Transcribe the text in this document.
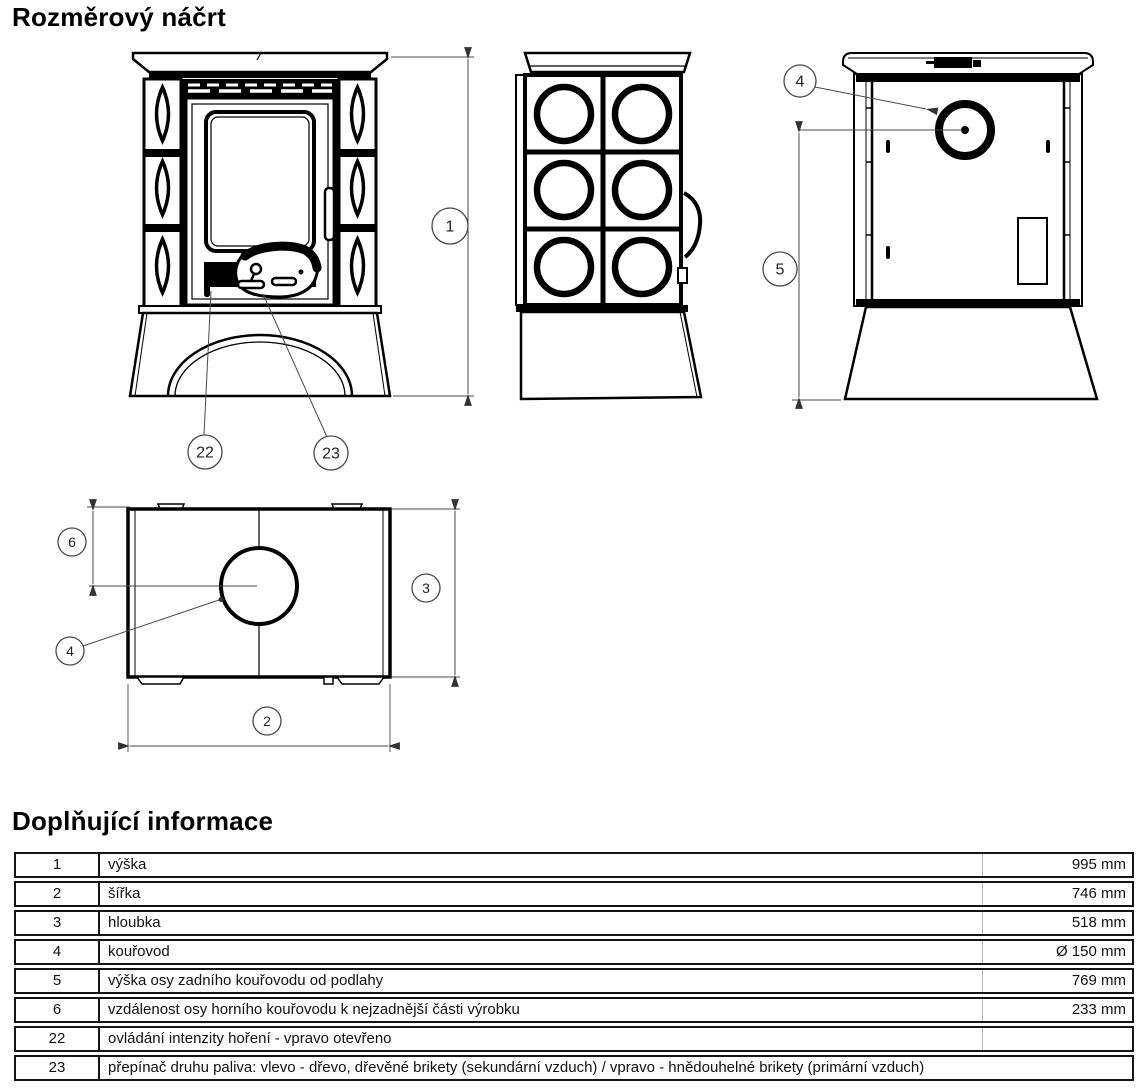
Rozměrový náčrt
1
22	23
4
5
6
4
3
2
Doplňující informace
1	výška	995 mm
2	šířka	746 mm
3	hloubka	518 mm
4	kouřovod	Ø 150 mm
5	výška osy zadního kouřovodu od podlahy	769 mm
6	vzdálenost osy horního kouřovodu k nejzadnější části výrobku	233 mm
22	ovládání intenzity hoření - vpravo otevřeno
23	přepínač druhu paliva: vlevo - dřevo, dřevěné brikety (sekundární vzduch) / vpravo - hnědouhelné brikety (primární vzduch)
